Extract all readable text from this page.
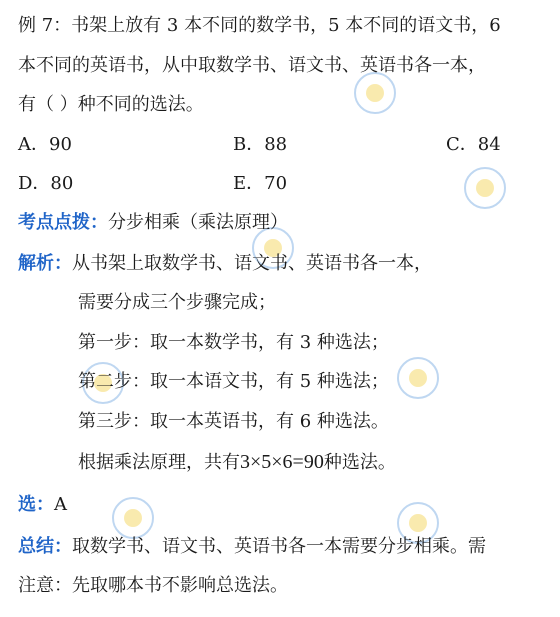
例 7：书架上放有 3 本不同的数学书，5 本不同的语文书，6
本不同的英语书，从中取数学书、语文书、英语书各一本，
有（ ）种不同的选法。
A．90	B．88	C．84
D．80	E．70
考点点拨：分步相乘（乘法原理）
解析：从书架上取数学书、语文书、英语书各一本，
需要分成三个步骤完成；
第一步：取一本数学书，有 3 种选法；
第二步：取一本语文书，有 5 种选法；
第三步：取一本英语书，有 6 种选法。
根据乘法原理，共有3×5×6=90种选法。
选：A
总结：取数学书、语文书、英语书各一本需要分步相乘。需
注意：先取哪本书不影响总选法。
